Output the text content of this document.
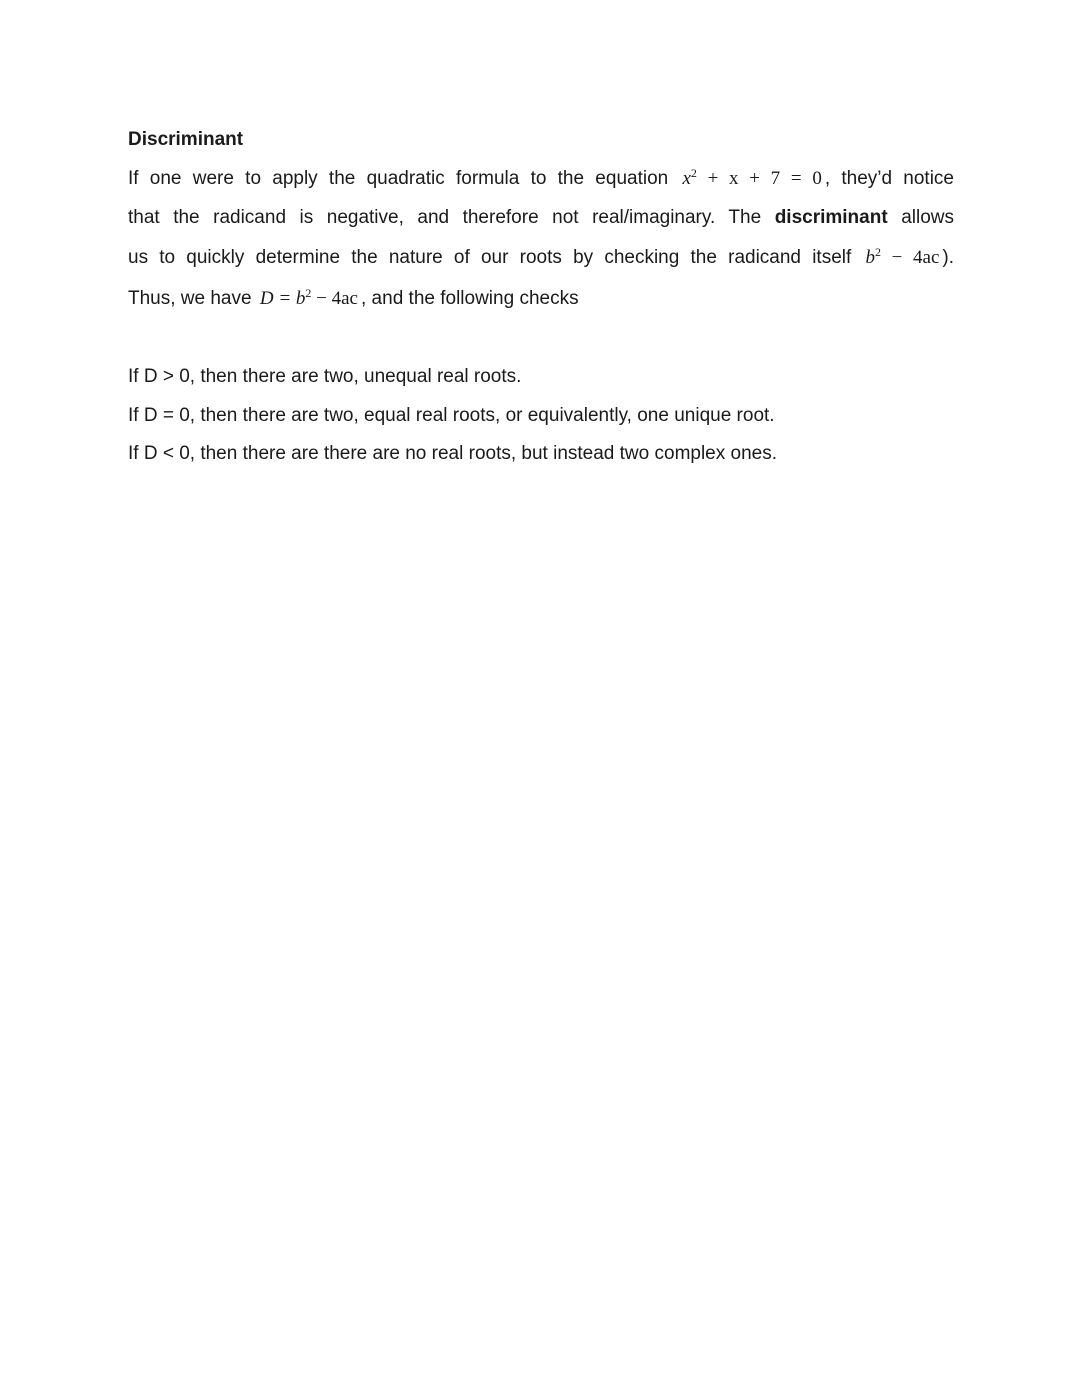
Discriminant
If one were to apply the quadratic formula to the equation $x^2 + x + 7 = 0$ , they’d notice
that the radicand is negative, and therefore not real/imaginary. The discriminant allows
us to quickly determine the nature of our roots by checking the radicand itself $b^2 - 4ac$ ).
Thus, we have $D = b^2 - 4ac$ , and the following checks
If D > 0, then there are two, unequal real roots.
If D = 0, then there are two, equal real roots, or equivalently, one unique root.
If D < 0, then there are there are no real roots, but instead two complex ones.
